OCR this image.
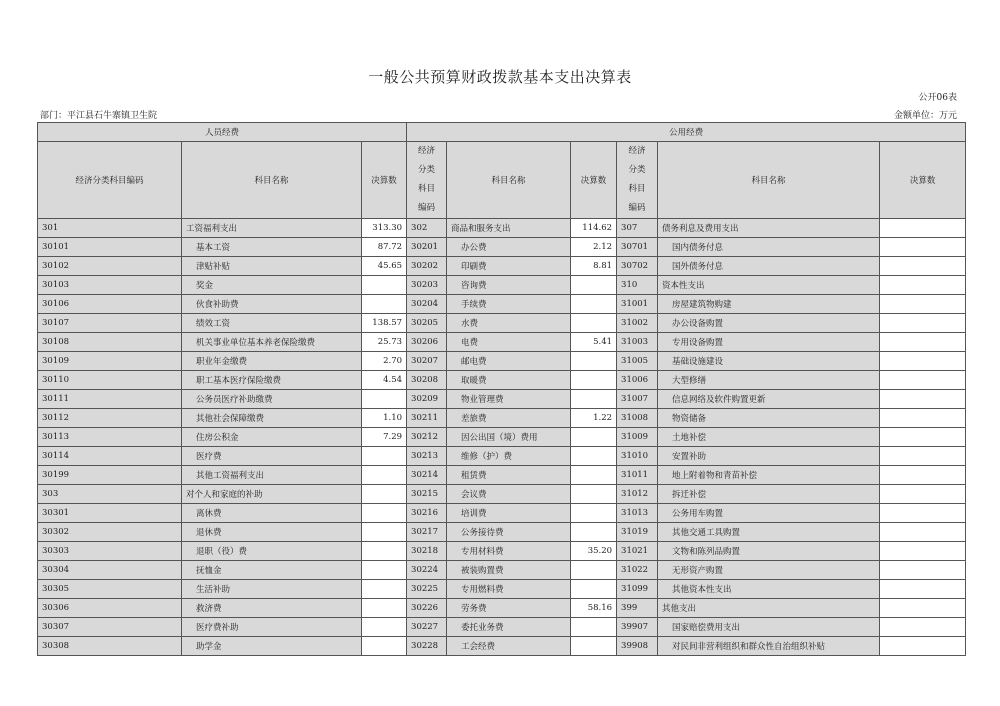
一般公共预算财政拨款基本支出决算表
公开06表
部门：平江县石牛寨镇卫生院	金额单位：万元
人员经费			公用经费					
经济分类科目编码	科目名称	决算数	经济
分类
科目
编码	科目名称	决算数	经济
分类
科目
编码	科目名称	决算数
301	工资福利支出	313.30	302	商品和服务支出	114.62	307	债务利息及费用支出	
30101	基本工资	87.72	30201	办公费	2.12	30701	国内债务付息	
30102	津贴补贴	45.65	30202	印刷费	8.81	30702	国外债务付息	
30103	奖金		30203	咨询费		310	资本性支出	
30106	伙食补助费		30204	手续费		31001	房屋建筑物购建	
30107	绩效工资	138.57	30205	水费		31002	办公设备购置	
30108	机关事业单位基本养老保险缴费	25.73	30206	电费	5.41	31003	专用设备购置	
30109	职业年金缴费	2.70	30207	邮电费		31005	基础设施建设	
30110	职工基本医疗保险缴费	4.54	30208	取暖费		31006	大型修缮	
30111	公务员医疗补助缴费		30209	物业管理费		31007	信息网络及软件购置更新	
30112	其他社会保障缴费	1.10	30211	差旅费	1.22	31008	物资储备	
30113	住房公积金	7.29	30212	因公出国（境）费用		31009	土地补偿	
30114	医疗费		30213	维修（护）费		31010	安置补助	
30199	其他工资福利支出		30214	租赁费		31011	地上附着物和青苗补偿	
303	对个人和家庭的补助		30215	会议费		31012	拆迁补偿	
30301	离休费		30216	培训费		31013	公务用车购置	
30302	退休费		30217	公务接待费		31019	其他交通工具购置	
30303	退职（役）费		30218	专用材料费	35.20	31021	文物和陈列品购置	
30304	抚恤金		30224	被装购置费		31022	无形资产购置	
30305	生活补助		30225	专用燃料费		31099	其他资本性支出	
30306	救济费		30226	劳务费	58.16	399	其他支出	
30307	医疗费补助		30227	委托业务费		39907	国家赔偿费用支出	
30308	助学金		30228	工会经费		39908	对民间非营利组织和群众性自治组织补贴	
